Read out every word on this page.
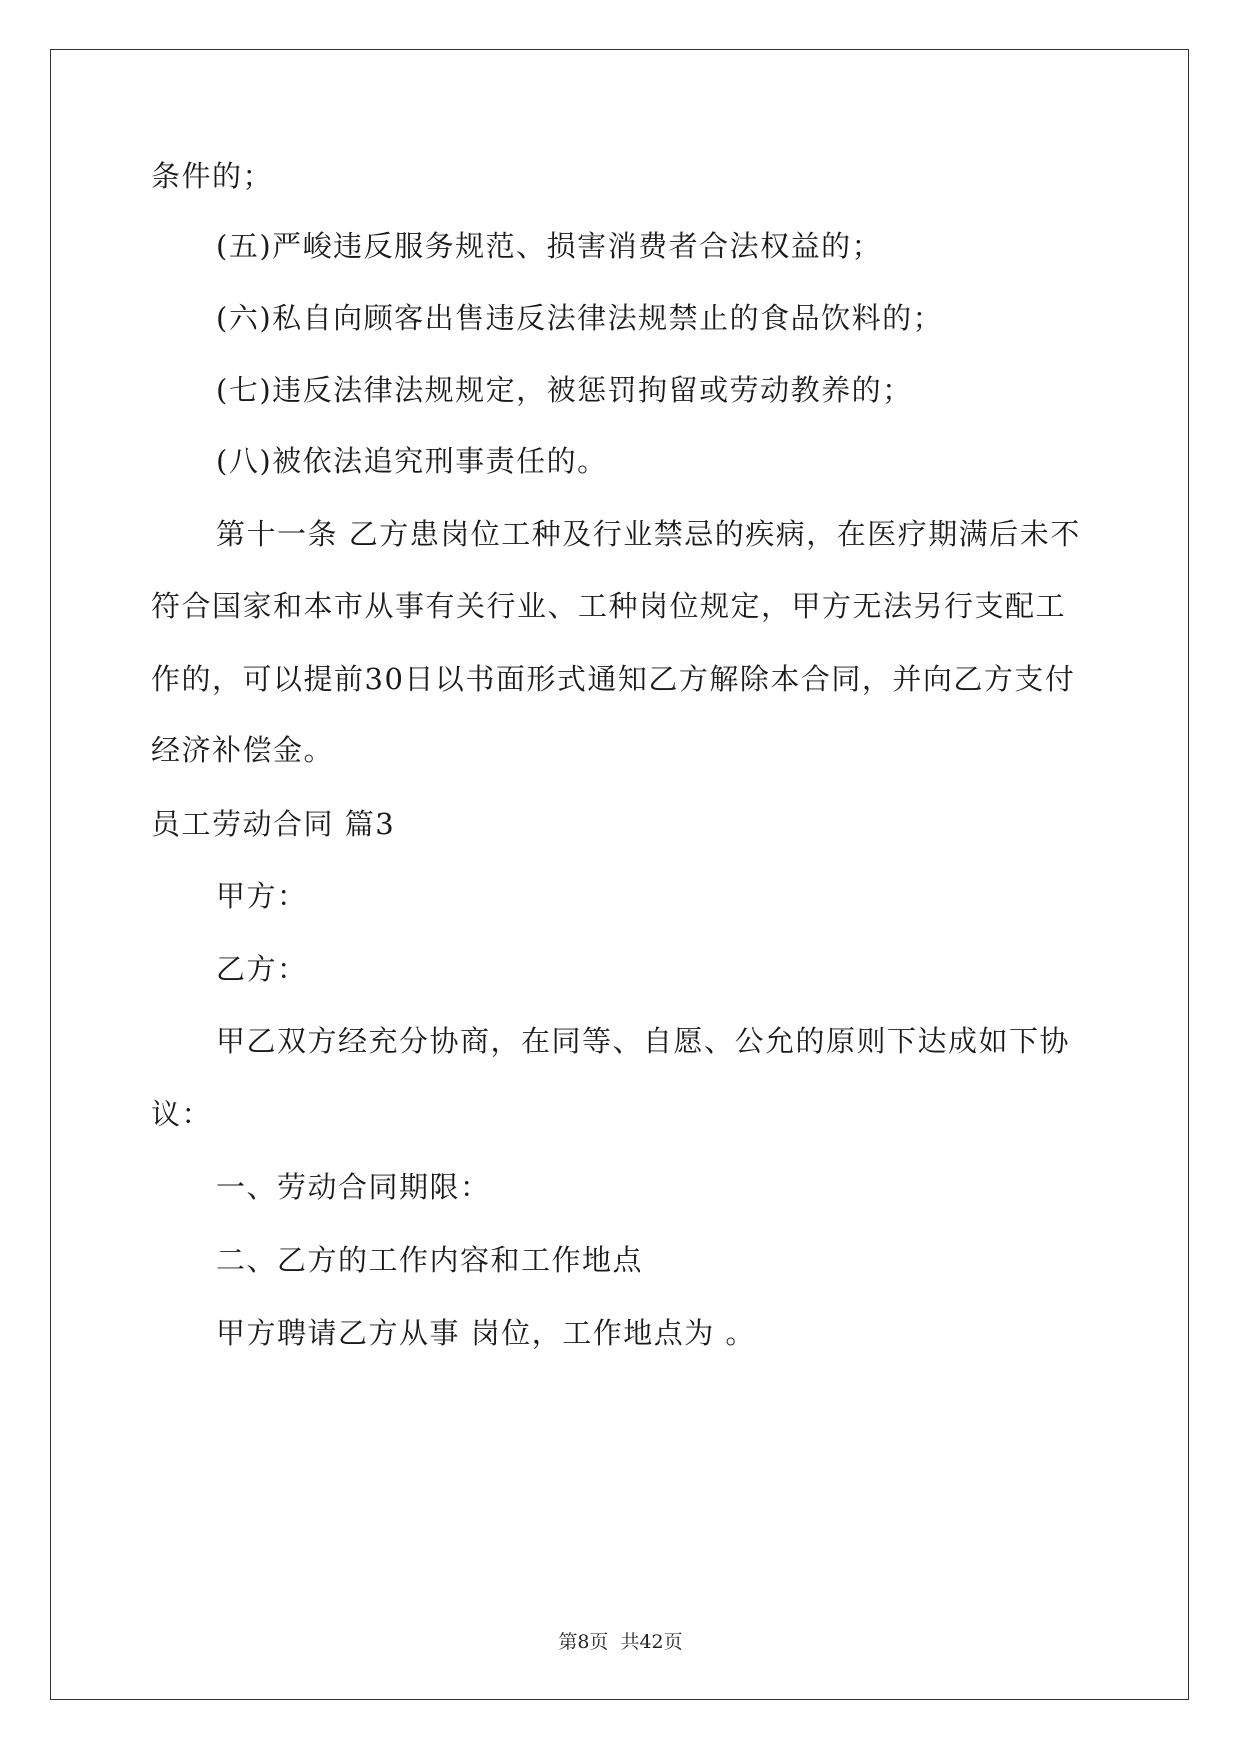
条件的；
(五)严峻违反服务规范、损害消费者合法权益的；
(六)私自向顾客出售违反法律法规禁止的食品饮料的；
(七)违反法律法规规定，被惩罚拘留或劳动教养的；
(八)被依法追究刑事责任的。
第十一条 乙方患岗位工种及行业禁忌的疾病，在医疗期满后未不
符合国家和本市从事有关行业、工种岗位规定，甲方无法另行支配工
作的，可以提前30日以书面形式通知乙方解除本合同，并向乙方支付
经济补偿金。
员工劳动合同 篇3
甲方：
乙方：
甲乙双方经充分协商，在同等、自愿、公允的原则下达成如下协
议：
一、劳动合同期限：
二、乙方的工作内容和工作地点
甲方聘请乙方从事 岗位，工作地点为 。
第8页 共42页
